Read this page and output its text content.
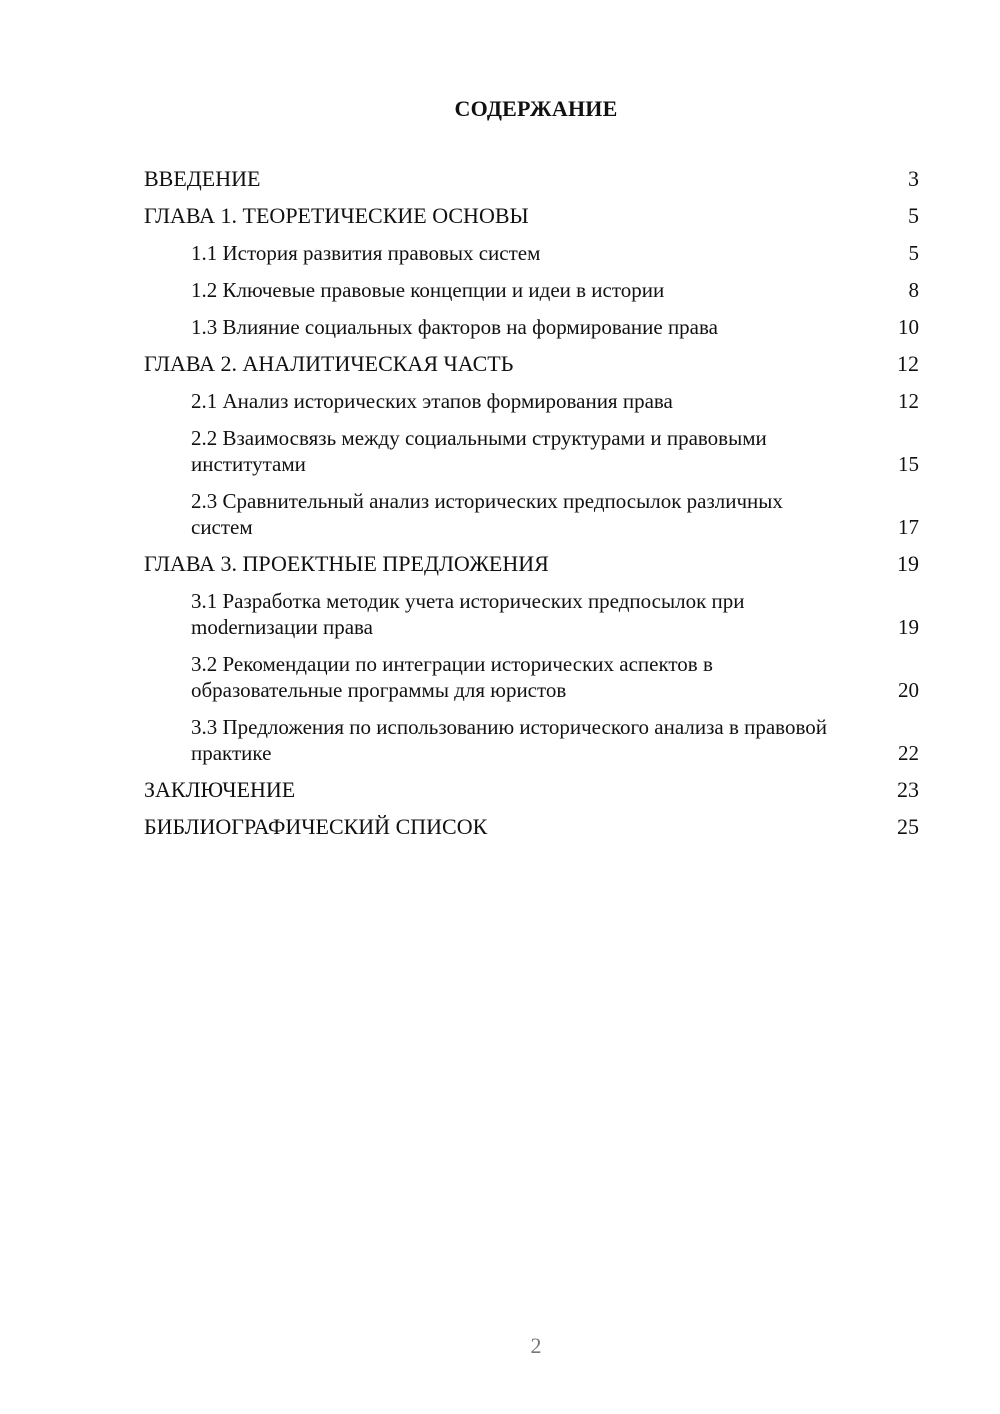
СОДЕРЖАНИЕ
ВВЕДЕНИЕ	3
ГЛАВА 1. ТЕОРЕТИЧЕСКИЕ ОСНОВЫ	5
1.1 История развития правовых систем	5
1.2 Ключевые правовые концепции и идеи в истории	8
1.3 Влияние социальных факторов на формирование права	10
ГЛАВА 2. АНАЛИТИЧЕСКАЯ ЧАСТЬ	12
2.1 Анализ исторических этапов формирования права	12
2.2 Взаимосвязь между социальными структурами и правовыми институтами	15
2.3 Сравнительный анализ исторических предпосылок различных систем	17
ГЛАВА 3. ПРОЕКТНЫЕ ПРЕДЛОЖЕНИЯ	19
3.1 Разработка методик учета исторических предпосылок при modernизации права	19
3.2 Рекомендации по интеграции исторических аспектов в образовательные программы для юристов	20
3.3 Предложения по использованию исторического анализа в правовой практике	22
ЗАКЛЮЧЕНИЕ	23
БИБЛИОГРАФИЧЕСКИЙ СПИСОК	25
2
